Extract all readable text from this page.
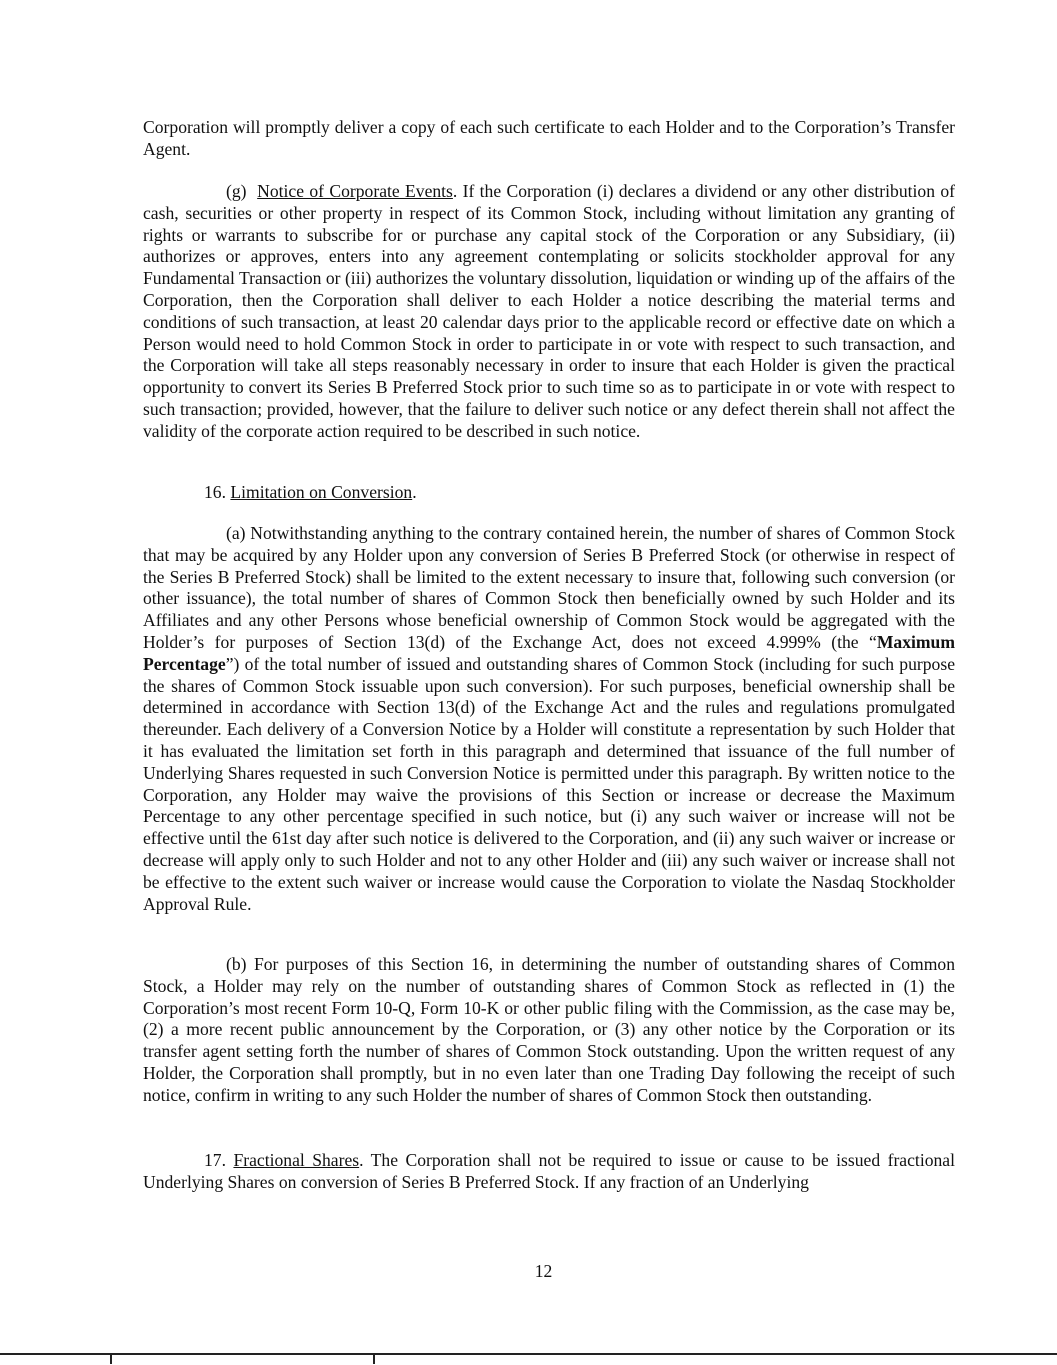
Corporation will promptly deliver a copy of each such certificate to each Holder and to the Corporation’s Transfer Agent.

(g) Notice of Corporate Events. If the Corporation (i) declares a dividend or any other distribution of cash, securities or other property in respect of its Common Stock, including without limitation any granting of rights or warrants to subscribe for or purchase any capital stock of the Corporation or any Subsidiary, (ii) authorizes or approves, enters into any agreement contemplating or solicits stockholder approval for any Fundamental Transaction or (iii) authorizes the voluntary dissolution, liquidation or winding up of the affairs of the Corporation, then the Corporation shall deliver to each Holder a notice describing the material terms and conditions of such transaction, at least 20 calendar days prior to the applicable record or effective date on which a Person would need to hold Common Stock in order to participate in or vote with respect to such transaction, and the Corporation will take all steps reasonably necessary in order to insure that each Holder is given the practical opportunity to convert its Series B Preferred Stock prior to such time so as to participate in or vote with respect to such transaction; provided, however, that the failure to deliver such notice or any defect therein shall not affect the validity of the corporate action required to be described in such notice.

16. Limitation on Conversion.

(a) Notwithstanding anything to the contrary contained herein, the number of shares of Common Stock that may be acquired by any Holder upon any conversion of Series B Preferred Stock (or otherwise in respect of the Series B Preferred Stock) shall be limited to the extent necessary to insure that, following such conversion (or other issuance), the total number of shares of Common Stock then beneficially owned by such Holder and its Affiliates and any other Persons whose beneficial ownership of Common Stock would be aggregated with the Holder’s for purposes of Section 13(d) of the Exchange Act, does not exceed 4.999% (the “Maximum Percentage”) of the total number of issued and outstanding shares of Common Stock (including for such purpose the shares of Common Stock issuable upon such conversion). For such purposes, beneficial ownership shall be determined in accordance with Section 13(d) of the Exchange Act and the rules and regulations promulgated thereunder. Each delivery of a Conversion Notice by a Holder will constitute a representation by such Holder that it has evaluated the limitation set forth in this paragraph and determined that issuance of the full number of Underlying Shares requested in such Conversion Notice is permitted under this paragraph. By written notice to the Corporation, any Holder may waive the provisions of this Section or increase or decrease the Maximum Percentage to any other percentage specified in such notice, but (i) any such waiver or increase will not be effective until the 61st day after such notice is delivered to the Corporation, and (ii) any such waiver or increase or decrease will apply only to such Holder and not to any other Holder and (iii) any such waiver or increase shall not be effective to the extent such waiver or increase would cause the Corporation to violate the Nasdaq Stockholder Approval Rule.

(b) For purposes of this Section 16, in determining the number of outstanding shares of Common Stock, a Holder may rely on the number of outstanding shares of Common Stock as reflected in (1) the Corporation’s most recent Form 10-Q, Form 10-K or other public filing with the Commission, as the case may be, (2) a more recent public announcement by the Corporation, or (3) any other notice by the Corporation or its transfer agent setting forth the number of shares of Common Stock outstanding. Upon the written request of any Holder, the Corporation shall promptly, but in no even later than one Trading Day following the receipt of such notice, confirm in writing to any such Holder the number of shares of Common Stock then outstanding.

17. Fractional Shares. The Corporation shall not be required to issue or cause to be issued fractional Underlying Shares on conversion of Series B Preferred Stock. If any fraction of an Underlying

12
